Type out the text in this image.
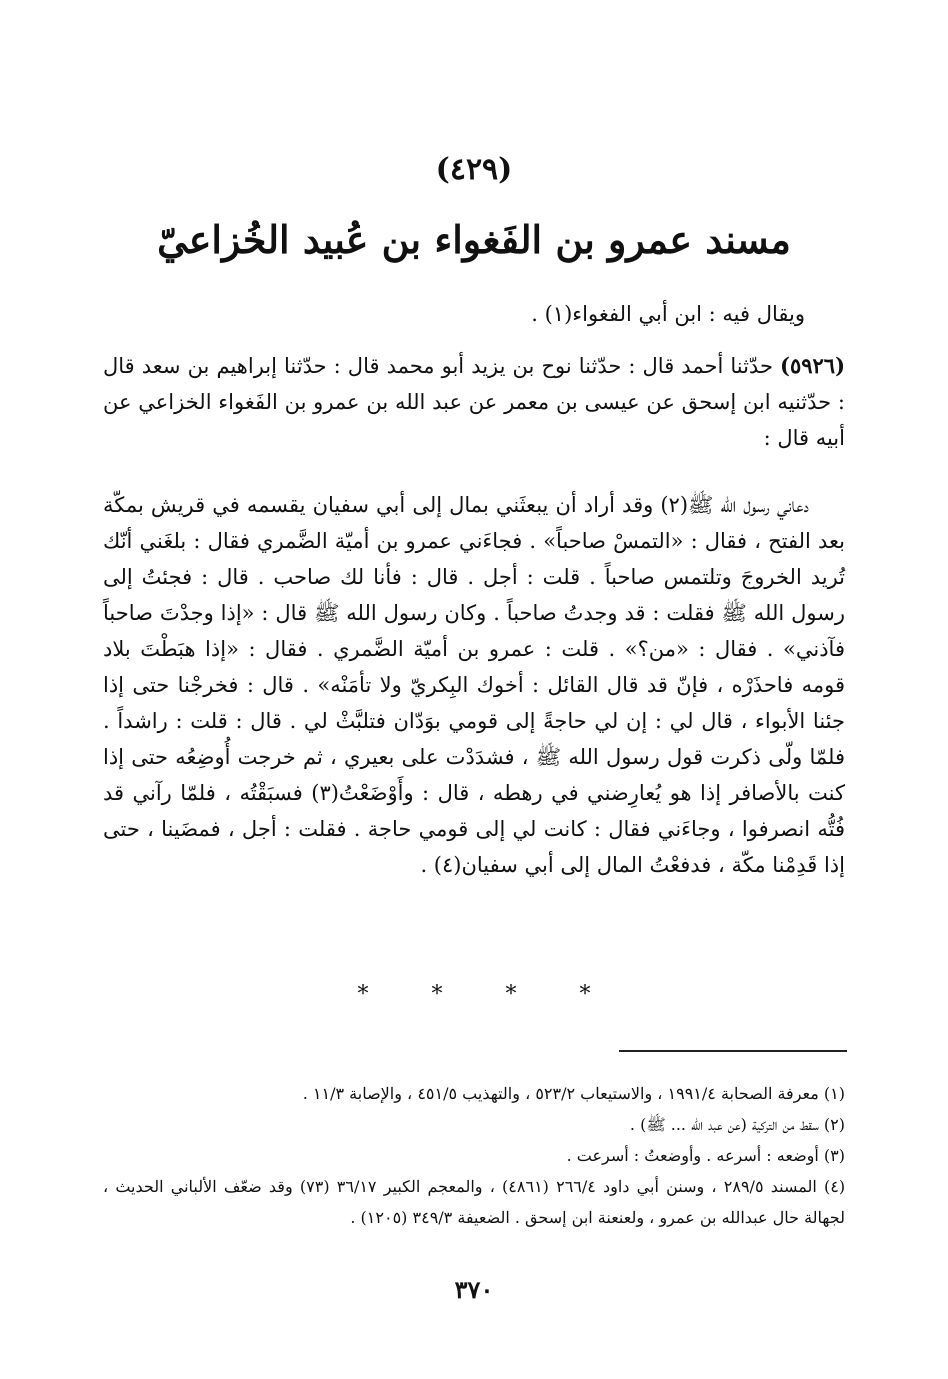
(٤٢٩)
مسند عمرو بن الفَغواء بن عُبيد الخُزاعيّ
ويقال فيه : ابن أبي الفغواء(١) .
(٥٩٢٦) حدّثنا أحمد قال : حدّثنا نوح بن يزيد أبو محمد قال : حدّثنا إبراهيم بن سعد قال : حدّثنيه ابن إسحق عن عيسى بن معمر عن عبد الله بن عمرو بن الفَغواء الخزاعي عن أبيه قال :

دعاني رسول الله ﷺ(٢) وقد أراد أن يبعثَني بمال إلى أبي سفيان يقسمه في قريش بمكّة بعد الفتح ، فقال : «التمسْ صاحباً» . فجاءَني عمرو بن أميّة الضَّمري فقال : بلغَني أنّك تُريد الخروجَ وتلتمس صاحباً . قلت : أجل . قال : فأنا لك صاحب . قال : فجئتُ إلى رسول الله ﷺ فقلت : قد وجدتُ صاحباً . وكان رسول الله ﷺ قال : «إذا وجدْتَ صاحباً فآذني» . فقال : «من؟» . قلت : عمرو بن أميّة الضَّمري . فقال : «إذا هبَطْتَ بلاد قومه فاحذَرْه ، فإنّ قد قال القائل : أخوك البِكريّ ولا تأمَنْه» . قال : فخرجْنا حتى إذا جئنا الأبواء ، قال لي : إن لي حاجةً إلى قومي بوَدّان فتلبَّثْ لي . قال : قلت : راشداً . فلمّا ولّى ذكرت قول رسول الله ﷺ ، فشدَدْت على بعيري ، ثم خرجت أُوضِعُه حتى إذا كنت بالأصافر إذا هو يُعارِضني في رهطه ، قال : وأَوْضَعْتُ(٣) فسبَقْتُه ، فلمّا رآني قد فُتُّه انصرفوا ، وجاءَني فقال : كانت لي إلى قومي حاجة . فقلت : أجل ، فمضَينا ، حتى إذا قَدِمْنا مكّة ، فدفعْتُ المال إلى أبي سفيان(٤) .

* * * *
(١) معرفة الصحابة ١٩٩١/٤ ، والاستيعاب ٥٢٣/٢ ، والتهذيب ٤٥١/٥ ، والإصابة ١١/٣ .
(٢) سقط من التركية (عن عبد الله ... ﷺ) .
(٣) أوضعه : أسرعه . وأوضعتُ : أسرعت .
(٤) المسند ٢٨٩/٥ ، وسنن أبي داود ٢٦٦/٤ (٤٨٦١) ، والمعجم الكبير ٣٦/١٧ (٧٣) وقد ضعّف الألباني الحديث ، لجهالة حال عبدالله بن عمرو ، ولعنعنة ابن إسحق . الضعيفة ٣٤٩/٣ (١٢٠٥) .
٣٧٠
